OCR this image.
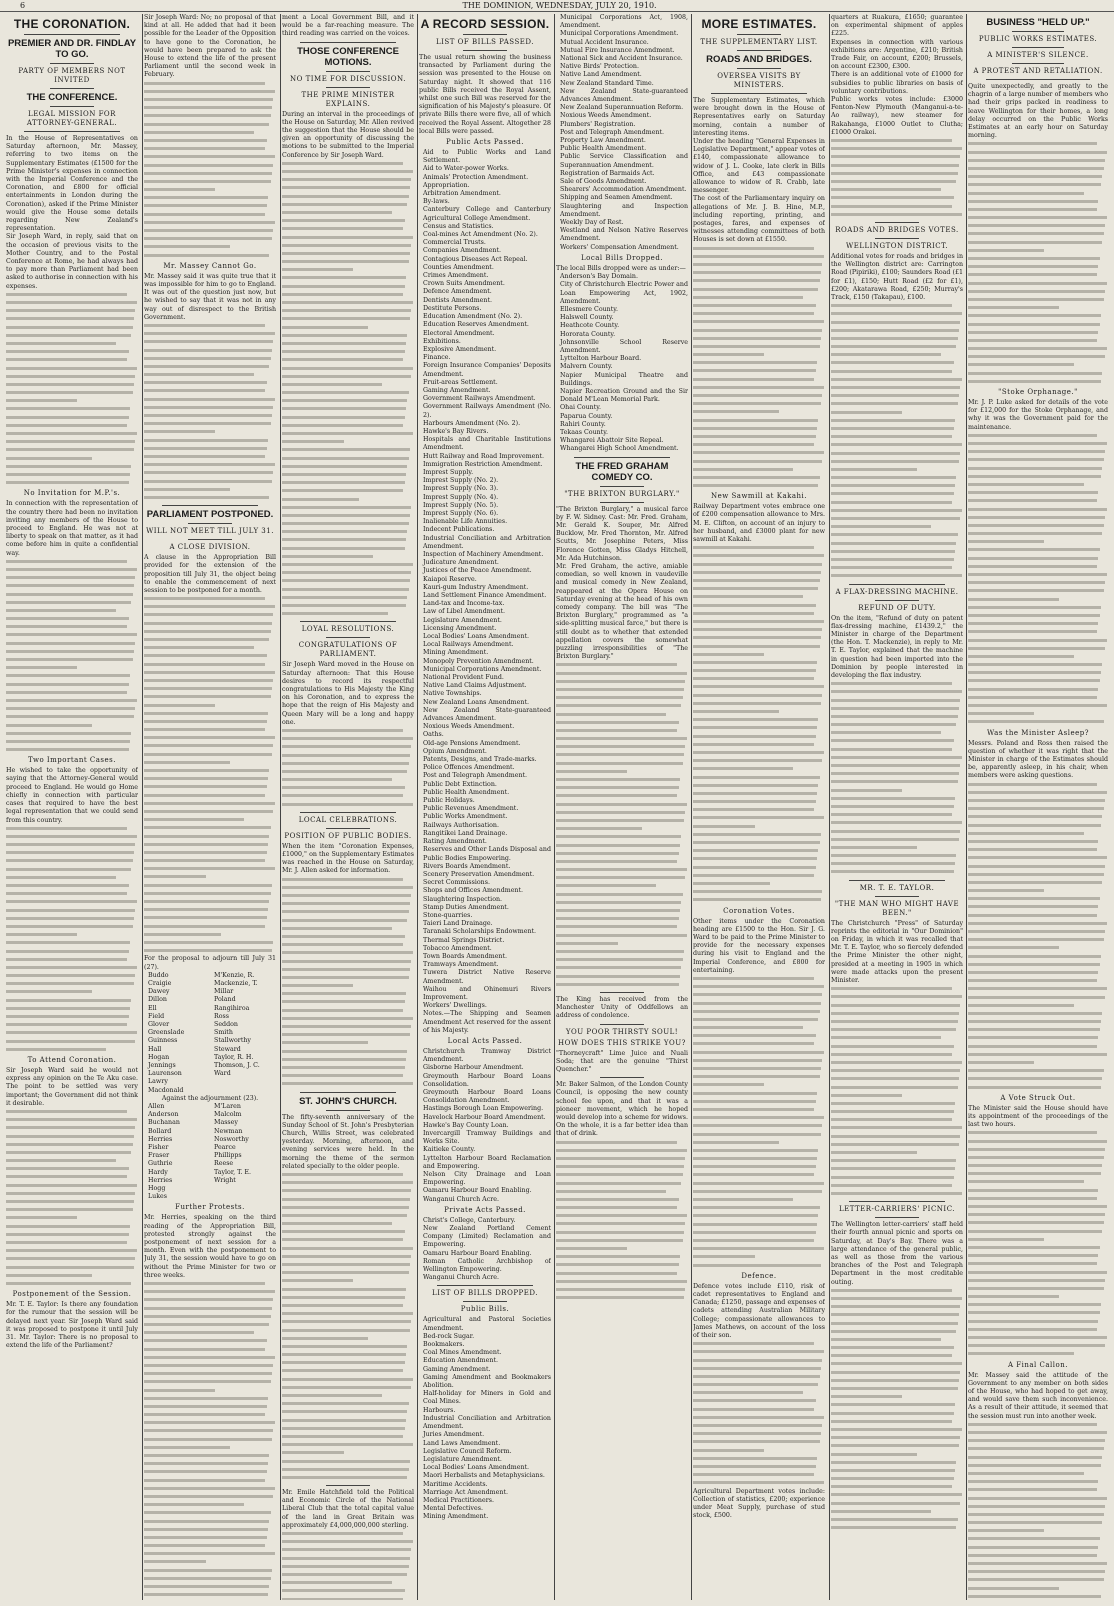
6	THE DOMINION, WEDNESDAY, JULY 20, 1910.
THE CORONATION.
PREMIER AND DR. FINDLAY TO GO.
PARTY OF MEMBERS NOT INVITED
THE CONFERENCE.
LEGAL MISSION FOR ATTORNEY-GENERAL.

In the House of Representatives on Saturday afternoon, Mr. Massey, referring to two items on the Supplementary Estimates (£1500 for the Prime Minister's expenses in connection with the Imperial Conference and the Coronation, and £800 for official entertainments in London during the Coronation), asked if the Prime Minister would give the House some details regarding New Zealand's representation.

Sir Joseph Ward, in reply, said that on the occasion of previous visits to the Mother Country, and to the Postal Conference at Rome, he had always had to pay more than Parliament had been asked to authorise in connection with his expenses.

No Invitation for M.P.'s.

In connection with the representation of the country there had been no invitation inviting any members of the House to proceed to England. He was not at liberty to speak on that matter, as it had come before him in quite a confidential way.

Two Important Cases.

He wished to take the opportunity of saying that the Attorney-General would proceed to England. He would go Home chiefly in connection with particular cases that required to have the best legal representation that we could send from this country.

To Attend Coronation.

Sir Joseph Ward said he would not express any opinion on the Te Aku case. The point to be settled was very important; the Government did not think it desirable.

Postponement of the Session.

Mr. T. E. Taylor: Is there any foundation for the rumour that the session will be delayed next year. Sir Joseph Ward said it was proposed to postpone it until July 31. Mr. Taylor: There is no proposal to extend the life of the Parliament?

Sir Joseph Ward: No; no proposal of that kind at all. He added that had it been possible for the Leader of the Opposition to have gone to the Coronation, he would have been prepared to ask the House to extend the life of the present Parliament until the second week in February.

Mr. Massey Cannot Go.

Mr. Massey said it was quite true that it was impossible for him to go to England. It was out of the question just now, but he wished to say that it was not in any way out of disrespect to the British Government.

PARLIAMENT POSTPONED.
WILL NOT MEET TILL JULY 31.
A CLOSE DIVISION.

A clause in the Appropriation Bill provided for the extension of the proposition till July 31, the object being to enable the commencement of next session to be postponed for a month.

For the proposal to adjourn till July 31 (27).

Buddo
Craigie
Dawey
Dillon
Ell
Field
Glover
Greenslade
Guinness
Hall
Hogan
Jennings
Laurenson
Lawry
Macdonald
M'Kenzie, R.
Mackenzie, T.
Millar
Poland
Rangihiroa
Ross
Seddon
Smith
Stallworthy
Steward
Taylor, R. H.
Thomson, J. C.
Ward

Against the adjournment (23).

Allen
Anderson
Buchanan
Bollard
Herries
Fisher
Fraser
Guthrie
Hardy
Herries
Hogg
Lukes
M'Laren
Malcolm
Massey
Newman
Nosworthy
Pearce
Phillipps
Reese
Taylor, T. E.
Wright
Further Protests.

Mr. Herries, speaking on the third reading of the Appropriation Bill, protested strongly against the postponement of next session for a month. Even with the postponement to July 31, the session would have to go on without the Prime Minister for two or three weeks.

ment a Local Government Bill, and it would be a far-reaching measure. The third reading was carried on the voices.

THOSE CONFERENCE MOTIONS.
NO TIME FOR DISCUSSION.
THE PRIME MINISTER EXPLAINS.

During an interval in the proceedings of the House on Saturday, Mr. Allen revived the suggestion that the House should be given an opportunity of discussing the motions to be submitted to the Imperial Conference by Sir Joseph Ward.

LOYAL RESOLUTIONS.
CONGRATULATIONS OF PARLIAMENT.

Sir Joseph Ward moved in the House on Saturday afternoon: That this House desires to record its respectful congratulations to His Majesty the King on his Coronation, and to express the hope that the reign of His Majesty and Queen Mary will be a long and happy one.

LOCAL CELEBRATIONS.
POSITION OF PUBLIC BODIES.

When the item "Coronation Expenses, £1000," on the Supplementary Estimates was reached in the House on Saturday, Mr. J. Allen asked for information.

ST. JOHN'S CHURCH.

The fifty-seventh anniversary of the Sunday School of St. John's Presbyterian Church, Willis Street, was celebrated yesterday. Morning, afternoon, and evening services were held. In the morning the theme of the sermon related specially to the older people.

Mr. Emile Hatchfield told the Political and Economic Circle of the National Liberal Club that the total capital value of the land in Great Britain was approximately £4,000,000,000 sterling.

A RECORD SESSION.
LIST OF BILLS PASSED.

The usual return showing the business transacted by Parliament during the session was presented to the House on Saturday night. It showed that 116 public Bills received the Royal Assent, whilst one such Bill was reserved for the signification of his Majesty's pleasure. Of private Bills there were five, all of which received the Royal Assent. Altogether 28 local Bills were passed.

Public Acts Passed.
Aid to Public Works and Land Settlement.
Aid to Water-power Works.
Animals' Protection Amendment.
Appropriation.
Arbitration Amendment.
By-laws.
Canterbury College and Canterbury Agricultural College Amendment.
Census and Statistics.
Coal-mines Act Amendment (No. 2).
Commercial Trusts.
Companies Amendment.
Contagious Diseases Act Repeal.
Counties Amendment.
Crimes Amendment.
Crown Suits Amendment.
Defence Amendment.
Dentists Amendment.
Destitute Persons.
Education Amendment (No. 2).
Education Reserves Amendment.
Electoral Amendment.
Exhibitions.
Explosive Amendment.
Finance.
Foreign Insurance Companies' Deposits Amendment.
Fruit-areas Settlement.
Gaming Amendment.
Government Railways Amendment.
Government Railways Amendment (No. 2).
Harbours Amendment (No. 2).
Hawke's Bay Rivers.
Hospitals and Charitable Institutions Amendment.
Hutt Railway and Road Improvement.
Immigration Restriction Amendment.
Imprest Supply.
Imprest Supply (No. 2).
Imprest Supply (No. 3).
Imprest Supply (No. 4).
Imprest Supply (No. 5).
Imprest Supply (No. 6).
Inalienable Life Annuities.
Indecent Publications.
Industrial Conciliation and Arbitration Amendment.
Inspection of Machinery Amendment.
Judicature Amendment.
Justices of the Peace Amendment.
Kaiapoi Reserve.
Kauri-gum Industry Amendment.
Land Settlement Finance Amendment.
Land-tax and Income-tax.
Law of Libel Amendment.
Legislature Amendment.
Licensing Amendment.
Local Bodies' Loans Amendment.
Local Railways Amendment.
Mining Amendment.
Monopoly Prevention Amendment.
Municipal Corporations Amendment.
National Provident Fund.
Native Land Claims Adjustment.
Native Townships.
New Zealand Loans Amendment.
New Zealand State-guaranteed Advances Amendment.
Noxious Weeds Amendment.
Oaths.
Old-age Pensions Amendment.
Opium Amendment.
Patents, Designs, and Trade-marks.
Police Offences Amendment.
Post and Telegraph Amendment.
Public Debt Extinction.
Public Health Amendment.
Public Holidays.
Public Revenues Amendment.
Public Works Amendment.
Railways Authorisation.
Rangitikei Land Drainage.
Rating Amendment.
Reserves and Other Lands Disposal and Public Bodies Empowering.
Rivers Boards Amendment.
Scenery Preservation Amendment.
Secret Commissions.
Shops and Offices Amendment.
Slaughtering Inspection.
Stamp Duties Amendment.
Stone-quarries.
Taieri Land Drainage.
Taranaki Scholarships Endowment.
Thermal Springs District.
Tobacco Amendment.
Town Boards Amendment.
Tramways Amendment.
Tuwera District Native Reserve Amendment.
Waihou and Ohinemuri Rivers Improvement.
Workers' Dwellings.
Notes.—The Shipping and Seamen Amendment Act reserved for the assent of his Majesty.
Local Acts Passed.
Christchurch Tramway District Amendment.
Gisborne Harbour Amendment.
Greymouth Harbour Board Loans Consolidation.
Greymouth Harbour Board Loans Consolidation Amendment.
Hastings Borough Loan Empowering.
Havelock Harbour Board Amendment.
Hawke's Bay County Loan.
Invercargill Tramway Buildings and Works Site.
Kaitieke County.
Lyttelton Harbour Board Reclamation and Empowering.
Nelson City Drainage and Loan Empowering.
Oamaru Harbour Board Enabling.
Wanganui Church Acre.
Private Acts Passed.
Christ's College, Canterbury.
New Zealand Portland Cement Company (Limited) Reclamation and Empowering.
Oamaru Harbour Board Enabling.
Roman Catholic Archbishop of Wellington Empowering.
Wanganui Church Acre.
LIST OF BILLS DROPPED.
Public Bills.
Agricultural and Pastoral Societies Amendment.
Bed-rock Sugar.
Bookmakers.
Coal Mines Amendment.
Education Amendment.
Gaming Amendment.
Gaming Amendment and Bookmakers Abolition.
Half-holiday for Miners in Gold and Coal Mines.
Harbours.
Industrial Conciliation and Arbitration Amendment.
Juries Amendment.
Land Laws Amendment.
Legislative Council Reform.
Legislature Amendment.
Local Bodies' Loans Amendment.
Maori Herbalists and Metaphysicians.
Maritime Accidents.
Marriage Act Amendment.
Medical Practitioners.
Mental Defectives.
Mining Amendment.
Municipal Corporations Act, 1908, Amendment.
Municipal Corporations Amendment.
Mutual Accident Insurance.
Mutual Fire Insurance Amendment.
National Sick and Accident Insurance.
Native Birds' Protection.
Native Land Amendment.
New Zealand Standard Time.
New Zealand State-guaranteed Advances Amendment.
New Zealand Superannuation Reform.
Noxious Weeds Amendment.
Plumbers' Registration.
Post and Telegraph Amendment.
Property Law Amendment.
Public Health Amendment.
Public Service Classification and Superannuation Amendment.
Registration of Barmaids Act.
Sale of Goods Amendment.
Shearers' Accommodation Amendment.
Shipping and Seamen Amendment.
Slaughtering and Inspection Amendment.
Weekly Day of Rest.
Westland and Nelson Native Reserves Amendment.
Workers' Compensation Amendment.
Local Bills Dropped.

The local Bills dropped were as under:—

Anderson's Bay Domain.
City of Christchurch Electric Power and Loan Empowering Act, 1902, Amendment.
Ellesmere County.
Halswell County.
Heathcote County.
Hororata County.
Johnsonville School Reserve Amendment.
Lyttelton Harbour Board.
Malvern County.
Napier Municipal Theatre and Buildings.
Napier Recreation Ground and the Sir Donald M'Lean Memorial Park.
Ohai County.
Paparua County.
Rahiri County.
Tekaas County.
Whangarei Abattoir Site Repeal.
Whangarei High School Amendment.
THE FRED GRAHAM COMEDY CO.
"THE BRIXTON BURGLARY."

"The Brixton Burglary," a musical farce by F. W. Sidney. Cast: Mr. Fred. Graham, Mr. Gerald K. Souper, Mr. Alfred Bucklow, Mr. Fred Thornton, Mr. Alfred Scutts, Mr. Josephine Peters, Miss Florence Gotten, Miss Gladys Hitchell, Mr. Ada Hutchinson.

Mr. Fred Graham, the active, amiable comedian, so well known in vaudeville and musical comedy in New Zealand, reappeared at the Opera House on Saturday evening at the head of his own comedy company. The bill was "The Brixton Burglary," programmed as "a side-splitting musical farce," but there is still doubt as to whether that extended appellation covers the somewhat puzzling irresponsibilities of "The Brixton Burglary."

The King has received from the Manchester Unity of Oddfellows an address of condolence.

YOU POOR THIRSTY SOUL!
HOW DOES THIS STRIKE YOU?

"Thorneycraft" Lime Juice and Nuali Soda; that are the genuine "Thirst Quencher."

Mr. Baker Salmon, of the London County Council, is opposing the new county school fee upon, and that it was a pioneer movement, which he hoped would develop into a scheme for widows. On the whole, it is a far better idea than that of drink.

MORE ESTIMATES.
THE SUPPLEMENTARY LIST.
ROADS AND BRIDGES.
OVERSEA VISITS BY MINISTERS.

The Supplementary Estimates, which were brought down in the House of Representatives early on Saturday morning, contain a number of interesting items.

Under the heading "General Expenses in Legislative Department," appear votes of £140, compassionate allowance to widow of J. L. Cooke, late clerk in Bills Office, and £43 compassionate allowance to widow of R. Crabb, late messenger.

The cost of the Parliamentary inquiry on allegations of Mr. J. B. Hine, M.P., including reporting, printing, and postages, fares, and expenses of witnesses attending committees of both Houses is set down at £1550.

New Sawmill at Kakahi.

Railway Department votes embrace one of £200 compensation allowance to Mrs. M. E. Clifton, on account of an injury to her husband, and £3000 plant for new sawmill at Kakahi.

Coronation Votes.

Other items under the Coronation heading are £1500 to the Hon. Sir J. G. Ward to be paid to the Prime Minister to provide for the necessary expenses during his visit to England and the Imperial Conference, and £800 for entertaining.

Defence.

Defence votes include £110, risk of cadet representatives to England and Canada; £1250, passage and expenses of cadets attending Australian Military College; compassionate allowances to James Mathews, on account of the loss of their son.

Agricultural Department votes include: Collection of statistics, £200; experience under Meat Supply, purchase of stud stock, £500.

quarters at Ruakura, £1650; guarantee on experimental shipment of apples £225.

Expenses in connection with various exhibitions are: Argentine, £210; British Trade Fair, on account, £200; Brussels, on account £2300, £300.

There is an additional vote of £1000 for subsidies to public libraries on basis of voluntary contributions.

Public works votes include: £3000 Fenton-New Plymouth (Manganui-a-te-Ao railway), new steamer for Rakahanga, £1000 Outlet to Clutha; £1000 Orakei.

ROADS AND BRIDGES VOTES.
WELLINGTON DISTRICT.

Additional votes for roads and bridges in the Wellington district are: Carrington Road (Pipiriki), £100; Saunders Road (£1 for £1), £150; Hutt Road (£2 for £1), £200; Akatarawa Road, £250; Murray's Track, £150 (Takapau), £100.

A FLAX-DRESSING MACHINE.
REFUND OF DUTY.

On the item, "Refund of duty on patent flax-dressing machine, £1439.2," the Minister in charge of the Department (the Hon. T. Mackenzie), in reply to Mr. T. E. Taylor, explained that the machine in question had been imported into the Dominion by people interested in developing the flax industry.

MR. T. E. TAYLOR.
"THE MAN WHO MIGHT HAVE BEEN."

The Christchurch "Press" of Saturday reprints the editorial in "Our Dominion" on Friday, in which it was recalled that Mr. T. E. Taylor, who so fiercely defended the Prime Minister the other night, presided at a meeting in 1905 in which were made attacks upon the present Minister.

LETTER-CARRIERS' PICNIC.

The Wellington letter-carriers' staff held their fourth annual picnic and sports on Saturday, at Day's Bay. There was a large attendance of the general public, as well as those from the various branches of the Post and Telegraph Department in the most creditable outing.

BUSINESS "HELD UP."
PUBLIC WORKS ESTIMATES.
A MINISTER'S SILENCE.
A PROTEST AND RETALIATION.

Quite unexpectedly, and greatly to the chagrin of a large number of members who had their grips packed in readiness to leave Wellington for their homes, a long delay occurred on the Public Works Estimates at an early hour on Saturday morning.

"Stoke Orphanage."

Mr. J. P. Luke asked for details of the vote for £12,000 for the Stoke Orphanage, and why it was the Government paid for the maintenance.

Was the Minister Asleep?

Messrs. Poland and Ross then raised the question of whether it was right that the Minister in charge of the Estimates should be, apparently asleep, in his chair, when members were asking questions.

A Vote Struck Out.

The Minister said the House should have its appointment of the proceedings of the last two hours.

A Final Callon.

Mr. Massey said the attitude of the Government to any member on both sides of the House, who had hoped to get away, and would save them such inconvenience. As a result of their attitude, it seemed that the session must run into another week.
